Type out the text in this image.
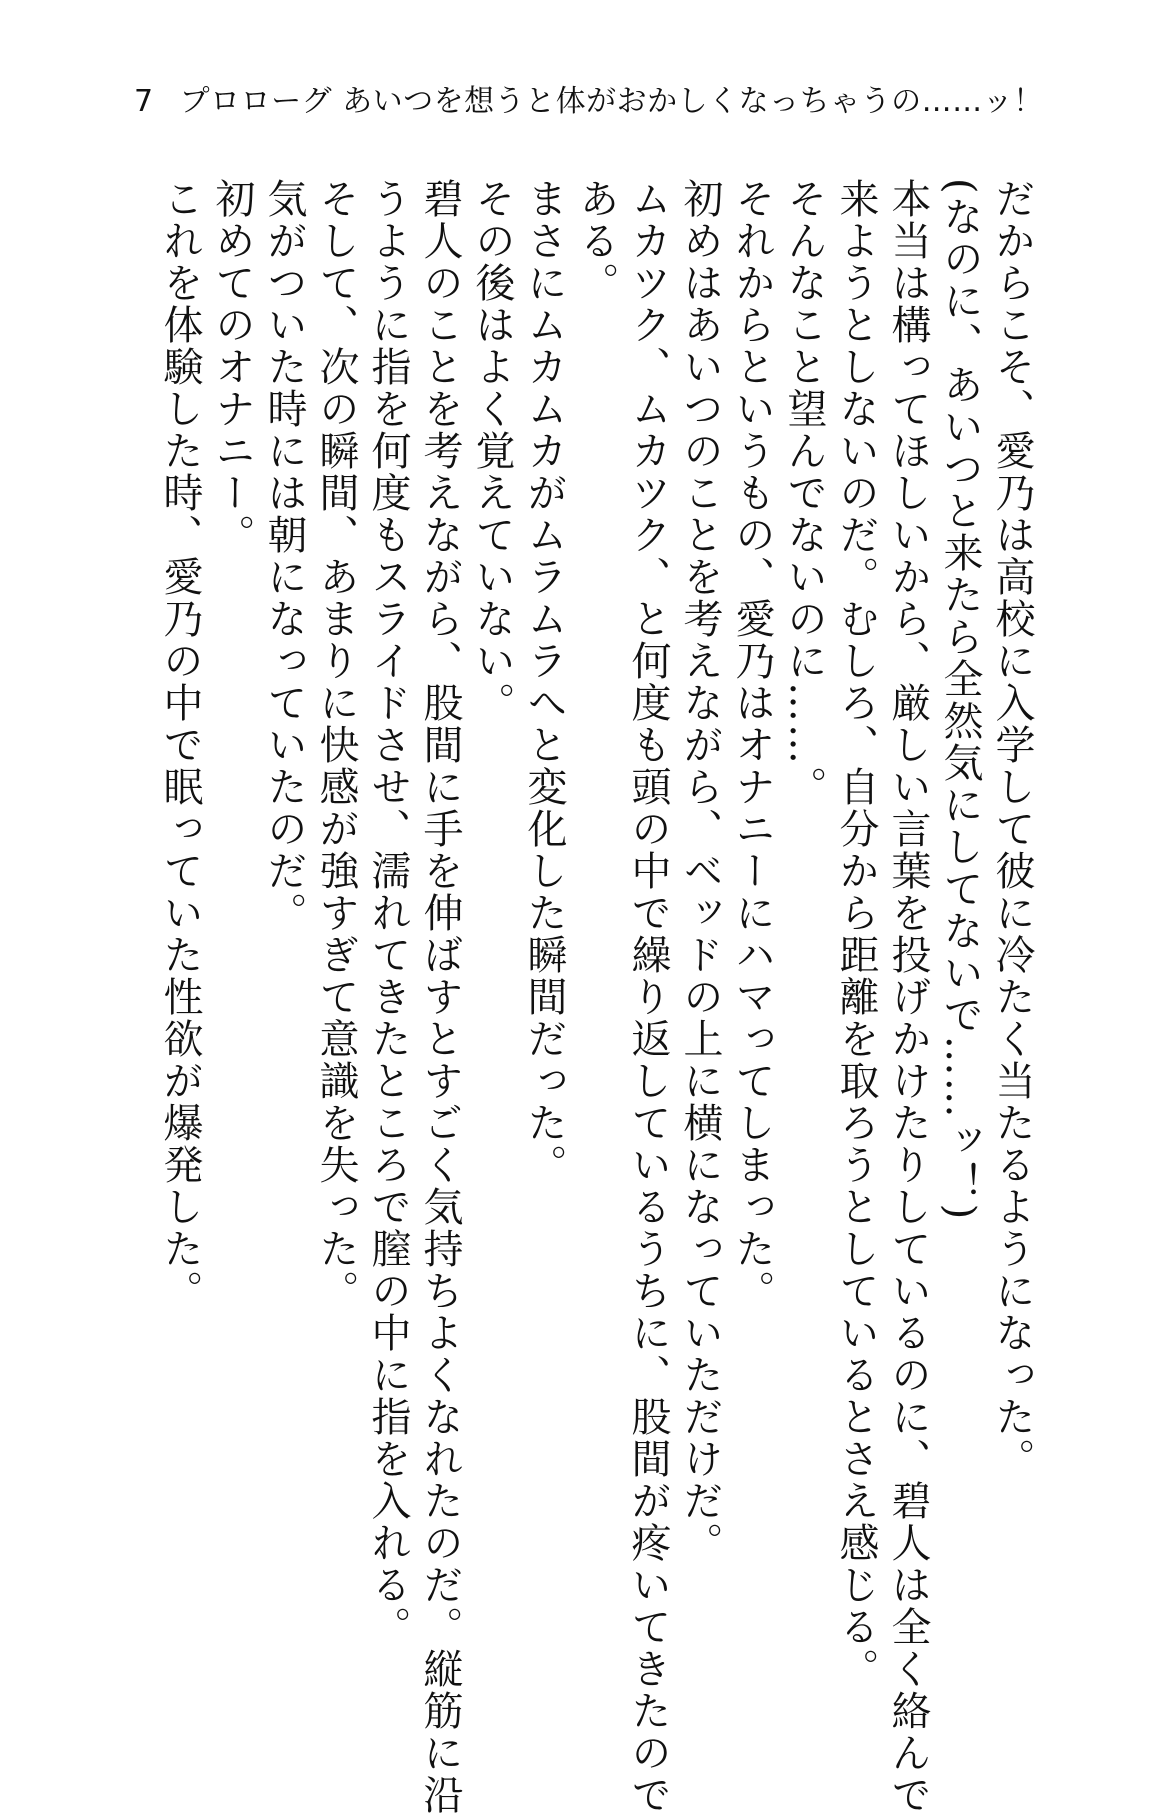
7 プロローグ あいつを想うと体がおかしくなっちゃうの……ッ！

だからこそ、愛乃は高校に入学して彼に冷たく当たるようになった。

(なのに、あいつと来たら全然気にしてないで……ッ！)

本当は構ってほしいから、厳しい言葉を投げかけたりしているのに、碧人は全く絡んで

来ようとしないのだ。むしろ、自分から距離を取ろうとしているとさえ感じる。

そんなこと望んでないのに……。

それからというもの、愛乃はオナニーにハマってしまった。

初めはあいつのことを考えながら、ベッドの上に横になっていただけだ。

ムカツク、ムカツク、と何度も頭の中で繰り返しているうちに、股間が疼いてきたので

ある。

まさにムカムカがムラムラへと変化した瞬間だった。

その後はよく覚えていない。

碧人のことを考えながら、股間に手を伸ばすとすごく気持ちよくなれたのだ。縦筋に沿

うように指を何度もスライドさせ、濡れてきたところで膣の中に指を入れる。

そして、次の瞬間、あまりに快感が強すぎて意識を失った。

気がついた時には朝になっていたのだ。

初めてのオナニー。

これを体験した時、愛乃の中で眠っていた性欲が爆発した。
